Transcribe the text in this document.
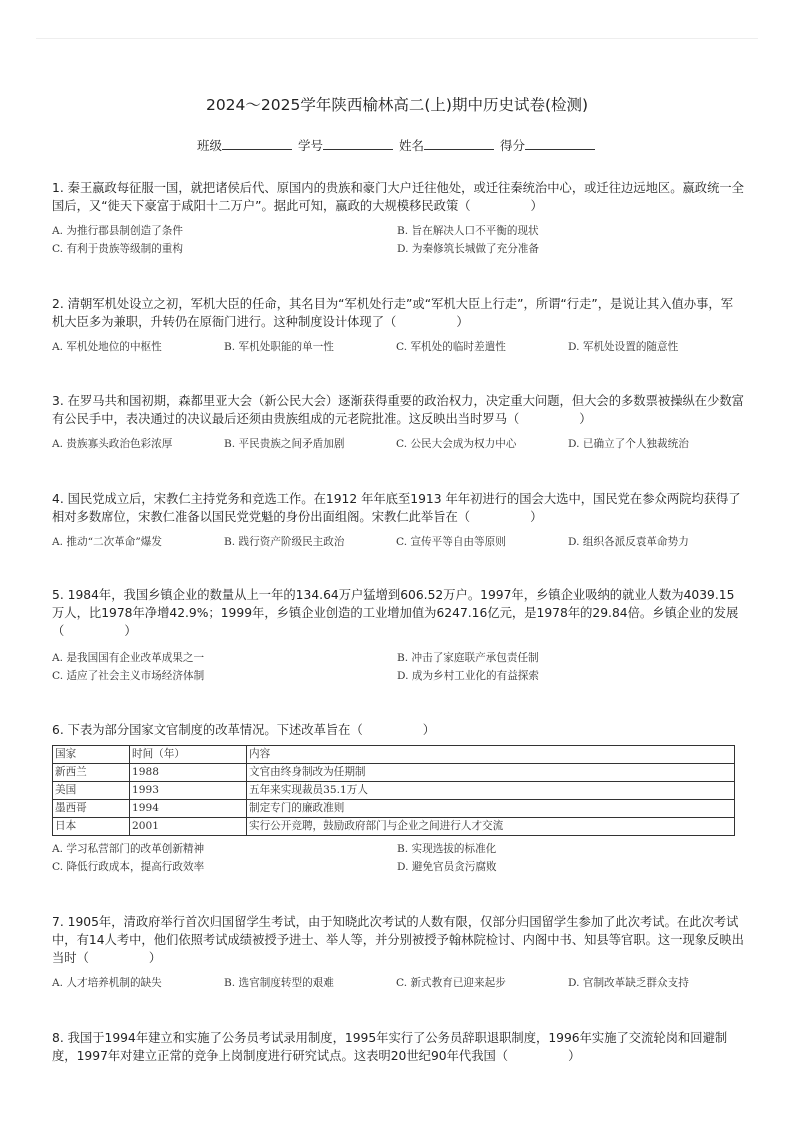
2024～2025学年陕西榆林高二(上)期中历史试卷(检测)
班级	学号	姓名	得分
1. 秦王嬴政每征服一国，就把诸侯后代、原国内的贵族和豪门大户迁往他处，或迁往秦统治中心，或迁往边远地区。嬴政统一全国后，又“徙天下豪富于咸阳十二万户”。据此可知，嬴政的大规模移民政策（	）
A. 为推行郡县制创造了条件	B. 旨在解决人口不平衡的现状
C. 有利于贵族等级制的重构	D. 为秦修筑长城做了充分准备
2. 清朝军机处设立之初，军机大臣的任命，其名目为“军机处行走”或“军机大臣上行走”，所谓“行走”，是说让其入值办事，军机大臣多为兼职，升转仍在原衙门进行。这种制度设计体现了（	）
A. 军机处地位的中枢性	B. 军机处职能的单一性	C. 军机处的临时差遣性	D. 军机处设置的随意性
3. 在罗马共和国初期，森都里亚大会（新公民大会）逐渐获得重要的政治权力，决定重大问题，但大会的多数票被操纵在少数富有公民手中，表决通过的决议最后还须由贵族组成的元老院批准。这反映出当时罗马（	）
A. 贵族寡头政治色彩浓厚	B. 平民贵族之间矛盾加剧	C. 公民大会成为权力中心	D. 已确立了个人独裁统治
4. 国民党成立后，宋教仁主持党务和竞选工作。在1912 年年底至1913 年年初进行的国会大选中，国民党在参众两院均获得了相对多数席位，宋教仁准备以国民党党魁的身份出面组阁。宋教仁此举旨在（	）
A. 推动“二次革命”爆发	B. 践行资产阶级民主政治	C. 宣传平等自由等原则	D. 组织各派反袁革命势力
5. 1984年，我国乡镇企业的数量从上一年的134.64万户猛增到606.52万户。1997年，乡镇企业吸纳的就业人数为4039.15万人，比1978年净增42.9%；1999年，乡镇企业创造的工业增加值为6247.16亿元，是1978年的29.84倍。乡镇企业的发展
（	）
A. 是我国国有企业改革成果之一	B. 冲击了家庭联产承包责任制
C. 适应了社会主义市场经济体制	D. 成为乡村工业化的有益探索
6. 下表为部分国家文官制度的改革情况。下述改革旨在（	）
国家	时间（年）	内容
新西兰	1988	文官由终身制改为任期制
美国	1993	五年来实现裁员35.1万人
墨西哥	1994	制定专门的廉政准则
日本	2001	实行公开竞聘，鼓励政府部门与企业之间进行人才交流
A. 学习私营部门的改革创新精神	B. 实现选拔的标准化
C. 降低行政成本，提高行政效率	D. 避免官员贪污腐败
7. 1905年，清政府举行首次归国留学生考试，由于知晓此次考试的人数有限，仅部分归国留学生参加了此次考试。在此次考试中，有14人考中，他们依照考试成绩被授予进士、举人等，并分别被授予翰林院检讨、内阁中书、知县等官职。这一现象反映出当时（	）
A. 人才培养机制的缺失	B. 选官制度转型的艰难	C. 新式教育已迎来起步	D. 官制改革缺乏群众支持
8. 我国于1994年建立和实施了公务员考试录用制度，1995年实行了公务员辞职退职制度，1996年实施了交流轮岗和回避制度，1997年对建立正常的竞争上岗制度进行研究试点。这表明20世纪90年代我国（	）
